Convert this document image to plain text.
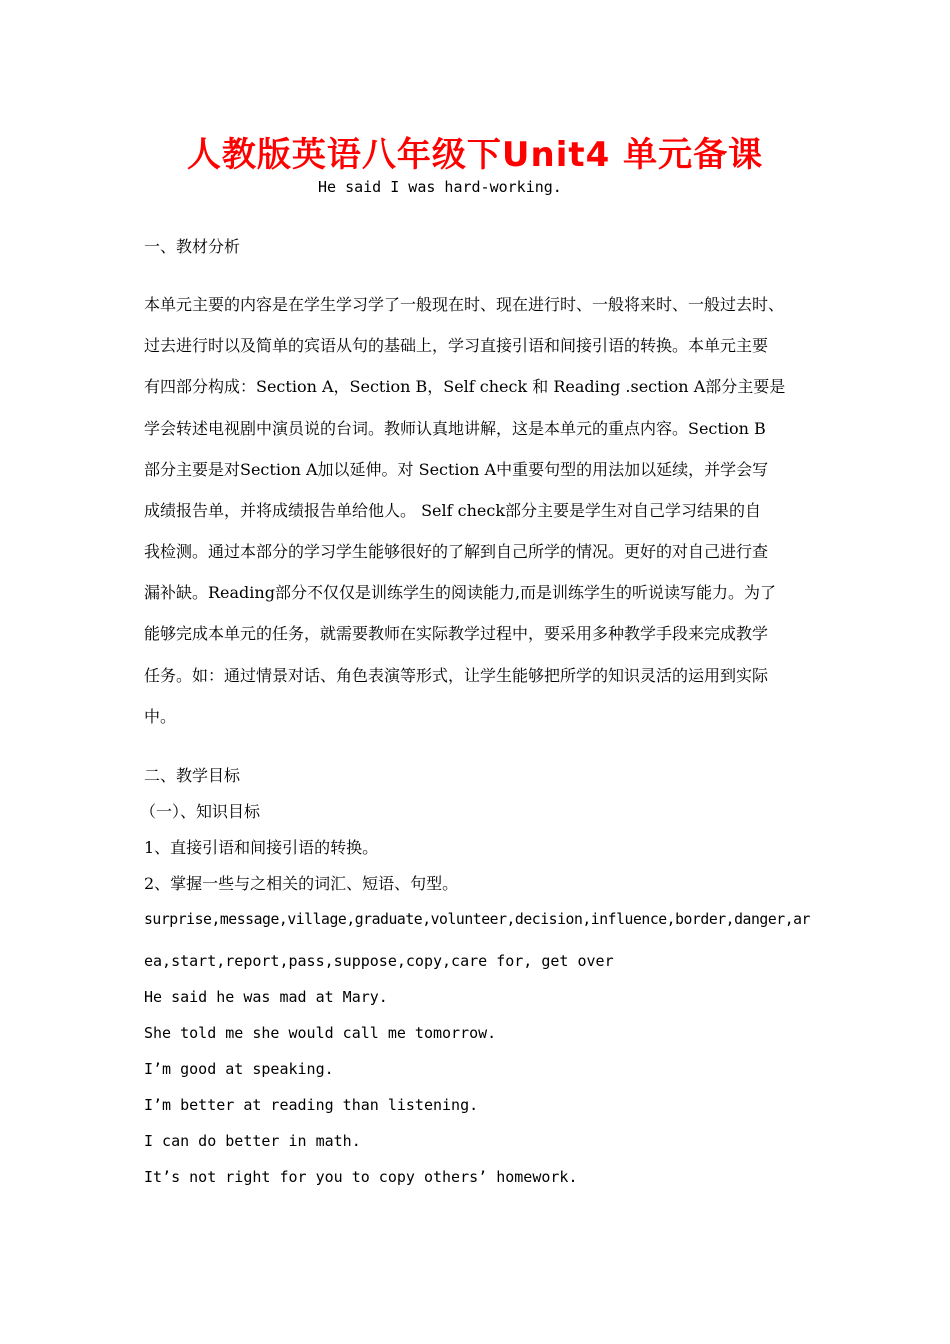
人教版英语八年级下Unit4 单元备课
He said I was hard-working.
一、教材分析
本单元主要的内容是在学生学习学了一般现在时、现在进行时、一般将来时、一般过去时、
过去进行时以及简单的宾语从句的基础上，学习直接引语和间接引语的转换。本单元主要
有四部分构成：Section A，Section B，Self check 和 Reading .section A部分主要是
学会转述电视剧中演员说的台词。教师认真地讲解，这是本单元的重点内容。Section B
部分主要是对Section A加以延伸。对 Section A中重要句型的用法加以延续，并学会写
成绩报告单，并将成绩报告单给他人。 Self check部分主要是学生对自己学习结果的自
我检测。通过本部分的学习学生能够很好的了解到自己所学的情况。更好的对自己进行查
漏补缺。Reading部分不仅仅是训练学生的阅读能力,而是训练学生的听说读写能力。为了
能够完成本单元的任务，就需要教师在实际教学过程中，要采用多种教学手段来完成教学
任务。如：通过情景对话、角色表演等形式，让学生能够把所学的知识灵活的运用到实际
中。
二、教学目标
（一）、知识目标
1、直接引语和间接引语的转换。
2、掌握一些与之相关的词汇、短语、句型。
surprise,message,village,graduate,volunteer,decision,influence,border,danger,ar
ea,start,report,pass,suppose,copy,care for, get over
He said he was mad at Mary.
She told me she would call me tomorrow.
I’m good at speaking.
I’m better at reading than listening.
I can do better in math.
It’s not right for you to copy others’ homework.
